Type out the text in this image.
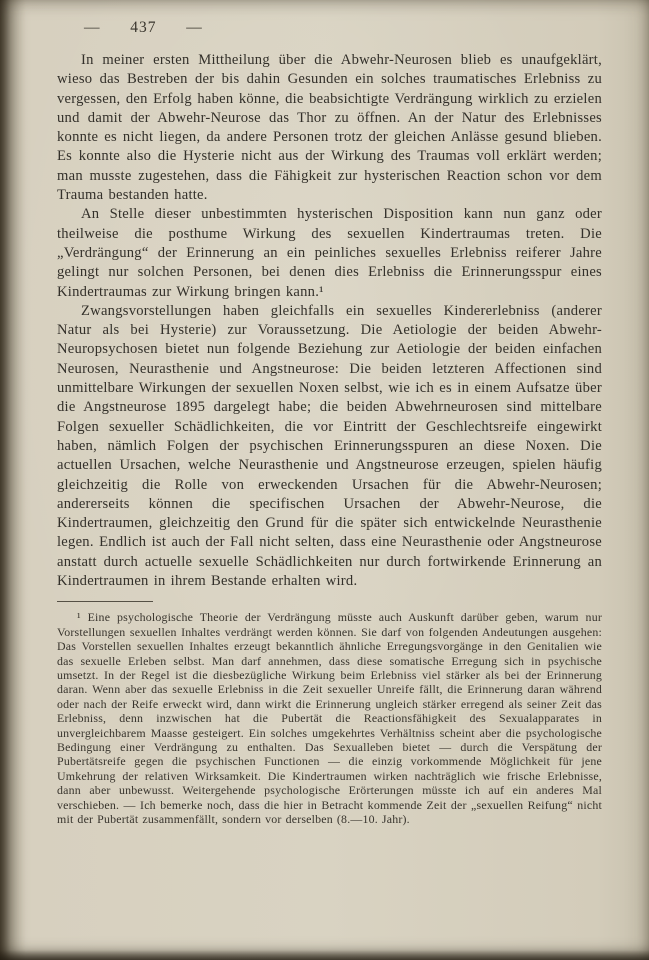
—  437  —

In meiner ersten Mittheilung über die Abwehr-Neurosen blieb es unaufgeklärt, wieso das Bestreben der bis dahin Gesunden ein solches traumatisches Erlebniss zu vergessen, den Erfolg haben könne, die beabsichtigte Verdrängung wirklich zu erzielen und damit der Abwehr-Neurose das Thor zu öffnen. An der Natur des Erlebnisses konnte es nicht liegen, da andere Personen trotz der gleichen Anlässe gesund blieben. Es konnte also die Hysterie nicht aus der Wirkung des Traumas voll erklärt werden; man musste zugestehen, dass die Fähigkeit zur hysterischen Reaction schon vor dem Trauma bestanden hatte.

An Stelle dieser unbestimmten hysterischen Disposition kann nun ganz oder theilweise die posthume Wirkung des sexuellen Kindertraumas treten. Die „Verdrängung“ der Erinnerung an ein peinliches sexuelles Erlebniss reiferer Jahre gelingt nur solchen Personen, bei denen dies Erlebniss die Erinnerungsspur eines Kindertraumas zur Wirkung bringen kann.¹

Zwangsvorstellungen haben gleichfalls ein sexuelles Kindererlebniss (anderer Natur als bei Hysterie) zur Voraussetzung. Die Aetiologie der beiden Abwehr-Neuropsychosen bietet nun folgende Beziehung zur Aetiologie der beiden einfachen Neurosen, Neurasthenie und Angstneurose: Die beiden letzteren Affectionen sind unmittelbare Wirkungen der sexuellen Noxen selbst, wie ich es in einem Aufsatze über die Angstneurose 1895 dargelegt habe; die beiden Abwehrneurosen sind mittelbare Folgen sexueller Schädlichkeiten, die vor Eintritt der Geschlechtsreife eingewirkt haben, nämlich Folgen der psychischen Erinnerungsspuren an diese Noxen. Die actuellen Ursachen, welche Neurasthenie und Angstneurose erzeugen, spielen häufig gleichzeitig die Rolle von erweckenden Ursachen für die Abwehr-Neurosen; andererseits können die specifischen Ursachen der Abwehr-Neurose, die Kindertraumen, gleichzeitig den Grund für die später sich entwickelnde Neurasthenie legen. Endlich ist auch der Fall nicht selten, dass eine Neurasthenie oder Angstneurose anstatt durch actuelle sexuelle Schädlichkeiten nur durch fortwirkende Erinnerung an Kindertraumen in ihrem Bestande erhalten wird.

¹ Eine psychologische Theorie der Verdrängung müsste auch Auskunft darüber geben, warum nur Vorstellungen sexuellen Inhaltes verdrängt werden können. Sie darf von folgenden Andeutungen ausgehen: Das Vorstellen sexuellen Inhaltes erzeugt bekanntlich ähnliche Erregungsvorgänge in den Genitalien wie das sexuelle Erleben selbst. Man darf annehmen, dass diese somatische Erregung sich in psychische umsetzt. In der Regel ist die diesbezügliche Wirkung beim Erlebniss viel stärker als bei der Erinnerung daran. Wenn aber das sexuelle Erlebniss in die Zeit sexueller Unreife fällt, die Erinnerung daran während oder nach der Reife erweckt wird, dann wirkt die Erinnerung ungleich stärker erregend als seiner Zeit das Erlebniss, denn inzwischen hat die Pubertät die Reactionsfähigkeit des Sexualapparates in unvergleichbarem Maasse gesteigert. Ein solches umgekehrtes Verhältniss scheint aber die psychologische Bedingung einer Verdrängung zu enthalten. Das Sexualleben bietet — durch die Verspätung der Pubertätsreife gegen die psychischen Functionen — die einzig vorkommende Möglichkeit für jene Umkehrung der relativen Wirksamkeit. Die Kindertraumen wirken nachträglich wie frische Erlebnisse, dann aber unbewusst. Weitergehende psychologische Erörterungen müsste ich auf ein anderes Mal verschieben. — Ich bemerke noch, dass die hier in Betracht kommende Zeit der „sexuellen Reifung“ nicht mit der Pubertät zusammenfällt, sondern vor derselben (8.—10. Jahr).
